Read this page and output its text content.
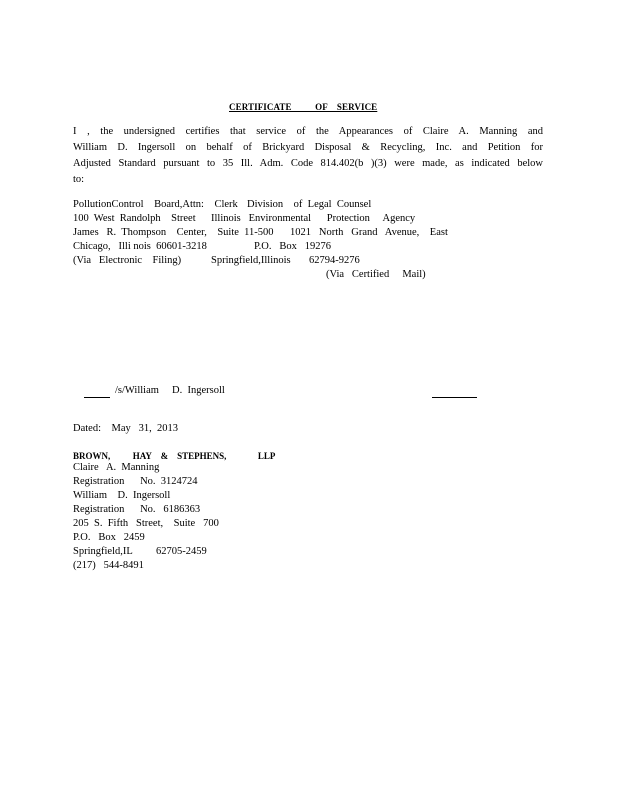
CERTIFICATE          OF    SERVICE
I , the undersigned certifies that service of the Appearances of Claire A. Manning and
William D. Ingersoll on behalf of Brickyard Disposal & Recycling, Inc. and Petition for
Adjusted Standard pursuant to 35 Ill. Adm. Code 814.402(b )(3) were made, as indicated below
to:
PollutionControl    Board,Attn:    Clerk
100  West  Randolph    Street
James   R.  Thompson    Center,    Suite  11-500
Chicago,   Illi nois  60601-3218
(Via   Electronic    Filing)
Division    of  Legal  Counsel
Illinois   Environmental      Protection     Agency
1021   North   Grand   Avenue,    East
P.O.   Box   19276
Springfield,Illinois       62794-9276
(Via   Certified     Mail)
/s/William     D.  Ingersoll
Dated:    May   31,  2013
BROWN,          HAY    &    STEPHENS,              LLP
Claire   A.  Manning
Registration      No.  3124724
William    D.  Ingersoll
Registration      No.   6186363
205  S.  Fifth   Street,    Suite   700
P.O.   Box   2459
Springfield,IL         62705-2459
(217)   544-8491
